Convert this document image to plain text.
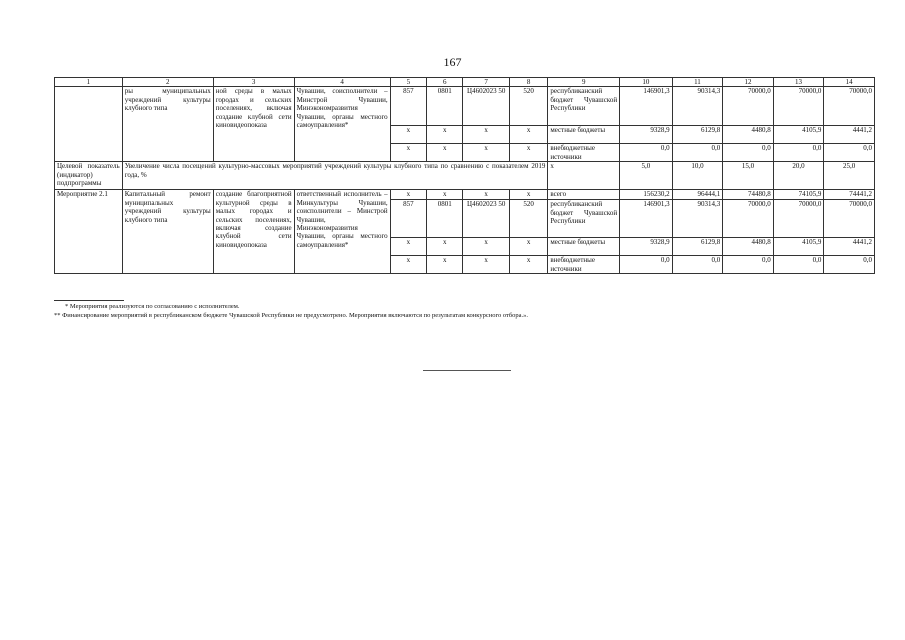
167
1	2	3	4	5	6	7	8	9	10	11	12	13	14
	ры муниципальных учреждений культуры клубного типа	ной среды в малых городах и сельских поселениях, включая создание клубной сети киновидеопоказа	Чувашии, соисполнители – Минстрой Чувашии, Минэкономразвития Чувашии, органы местного самоуправления*	857	0801	Ц4602023 50	520	республиканский бюджет Чувашской Республики	146901,3	90314,3	70000,0	70000,0	70000,0
				x	x	x	x	местные бюджеты	9328,9	6129,8	4480,8	4105,9	4441,2
				x	x	x	x	внебюджетные источники	0,0	0,0	0,0	0,0	0,0
Целевой показатель (индикатор) подпрограммы	Увеличение числа посещений культурно-массовых мероприятий учреждений культуры клубного типа по сравнению с показателем 2019 года, %							x	5,0	10,0	15,0	20,0	25,0
Мероприятие 2.1	Капитальный ремонт муниципальных учреждений культуры клубного типа	создание благоприятной культурной среды в малых городах и сельских поселениях, включая создание клубной сети киновидеопоказа	ответственный исполнитель – Минкультуры Чувашии, соисполнители – Минстрой Чувашии, Минэкономразвития Чувашии, органы местного самоуправления*	x	x	x	x	всего	156230,2	96444,1	74480,8	74105,9	74441,2
				857	0801	Ц4602023 50	520	республиканский бюджет Чувашской Республики	146901,3	90314,3	70000,0	70000,0	70000,0
				x	x	x	x	местные бюджеты	9328,9	6129,8	4480,8	4105,9	4441,2
				x	x	x	x	внебюджетные источники	0,0	0,0	0,0	0,0	0,0
* Мероприятия реализуются по согласованию с исполнителем.
** Финансирование мероприятий в республиканском бюджете Чувашской Республики не предусмотрено. Мероприятия включаются по результатам конкурсного отбора.».
